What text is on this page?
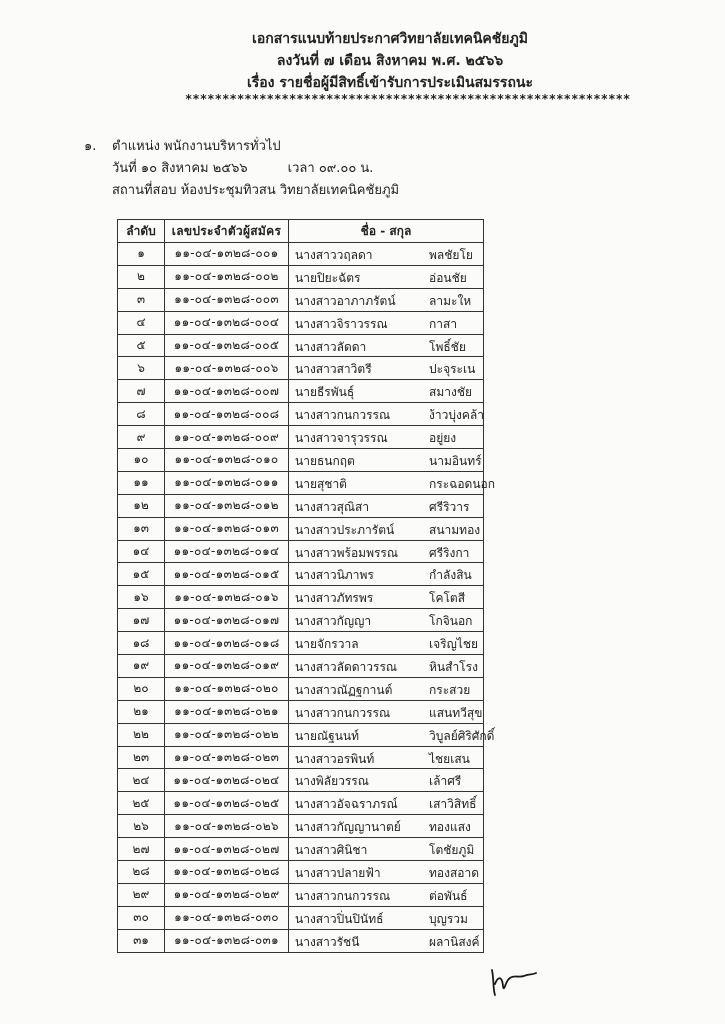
เอกสารแนบท้ายประกาศวิทยาลัยเทคนิคชัยภูมิ
ลงวันที่ ๗ เดือน สิงหาคม พ.ศ. ๒๕๖๖
เรื่อง รายชื่อผู้มีสิทธิ์เข้ารับการประเมินสมรรถนะ
************************************************************
๑. ตำแหน่ง พนักงานบริหารทั่วไป
วันที่ ๑๐ สิงหาคม ๒๕๖๖	เวลา ๐๙.๐๐ น.
สถานที่สอบ ห้องประชุมทิวสน วิทยาลัยเทคนิคชัยภูมิ
ลำดับ	เลขประจำตัวผู้สมัคร	ชื่อ - สกุล
๑	๑๑-๐๔-๑๓๒๘-๐๐๑	นางสาววฤลดา พลชัยโย

๒	๑๑-๐๔-๑๓๒๘-๐๐๒	นายปิยะฉัตร อ่อนชัย

๓	๑๑-๐๔-๑๓๒๘-๐๐๓	นางสาวอาภาภรัตน์ ลามะให

๔	๑๑-๐๔-๑๓๒๘-๐๐๔	นางสาวจิราวรรณ กาสา

๕	๑๑-๐๔-๑๓๒๘-๐๐๕	นางสาวลัดดา โพธิ์ชัย

๖	๑๑-๐๔-๑๓๒๘-๐๐๖	นางสาวสาวิตรี ปะจุระเน

๗	๑๑-๐๔-๑๓๒๘-๐๐๗	นายธีรพันธุ์ สมางชัย

๘	๑๑-๐๔-๑๓๒๘-๐๐๘	นางสาวกนกวรรณ ง้าวบุ่งคล้า

๙	๑๑-๐๔-๑๓๒๘-๐๐๙	นางสาวจารุวรรณ อยู่ยง

๑๐	๑๑-๐๔-๑๓๒๘-๐๑๐	นายธนกฤต นามอินทร์

๑๑	๑๑-๐๔-๑๓๒๘-๐๑๑	นายสุชาติ กระฉอดนอก

๑๒	๑๑-๐๔-๑๓๒๘-๐๑๒	นางสาวสุณิสา ศรีริวาร

๑๓	๑๑-๐๔-๑๓๒๘-๐๑๓	นางสาวประภารัตน์ สนามทอง

๑๔	๑๑-๐๔-๑๓๒๘-๐๑๔	นางสาวพร้อมพรรณ ศรีริงกา

๑๕	๑๑-๐๔-๑๓๒๘-๐๑๕	นางสาวนิภาพร กำลังสิน

๑๖	๑๑-๐๔-๑๓๒๘-๐๑๖	นางสาวภัทรพร โคโตสี

๑๗	๑๑-๐๔-๑๓๒๘-๐๑๗	นางสาวกัญญา โกจินอก

๑๘	๑๑-๐๔-๑๓๒๘-๐๑๘	นายจักรวาล เจริญไชย

๑๙	๑๑-๐๔-๑๓๒๘-๐๑๙	นางสาวลัดดาวรรณ หินสำโรง

๒๐	๑๑-๐๔-๑๓๒๘-๐๒๐	นางสาวณัฏฐกานต์ กระสวย

๒๑	๑๑-๐๔-๑๓๒๘-๐๒๑	นางสาวกนกวรรณ แสนทวีสุข

๒๒	๑๑-๐๔-๑๓๒๘-๐๒๒	นายณัฐนนท์ วิบูลย์ศิริศักดิ์

๒๓	๑๑-๐๔-๑๓๒๘-๐๒๓	นางสาวอรพินท์ ไชยเสน

๒๔	๑๑-๐๔-๑๓๒๘-๐๒๔	นางพิลัยวรรณ เล้าศรี

๒๕	๑๑-๐๔-๑๓๒๘-๐๒๕	นางสาวอัจฉราภรณ์ เสาวิสิทธิ์

๒๖	๑๑-๐๔-๑๓๒๘-๐๒๖	นางสาวกัญญานาตย์ ทองแสง

๒๗	๑๑-๐๔-๑๓๒๘-๐๒๗	นางสาวศินิชา โตชัยภูมิ

๒๘	๑๑-๐๔-๑๓๒๘-๐๒๘	นางสาวปลายฟ้า ทองสอาด

๒๙	๑๑-๐๔-๑๓๒๘-๐๒๙	นางสาวกนกวรรณ ต่อพันธ์

๓๐	๑๑-๐๔-๑๓๒๘-๐๓๐	นางสาวปิ่นปินัทธ์ บุญรวม

๓๑	๑๑-๐๔-๑๓๒๘-๐๓๑	นางสาวรัชนี ผลานิสงค์
